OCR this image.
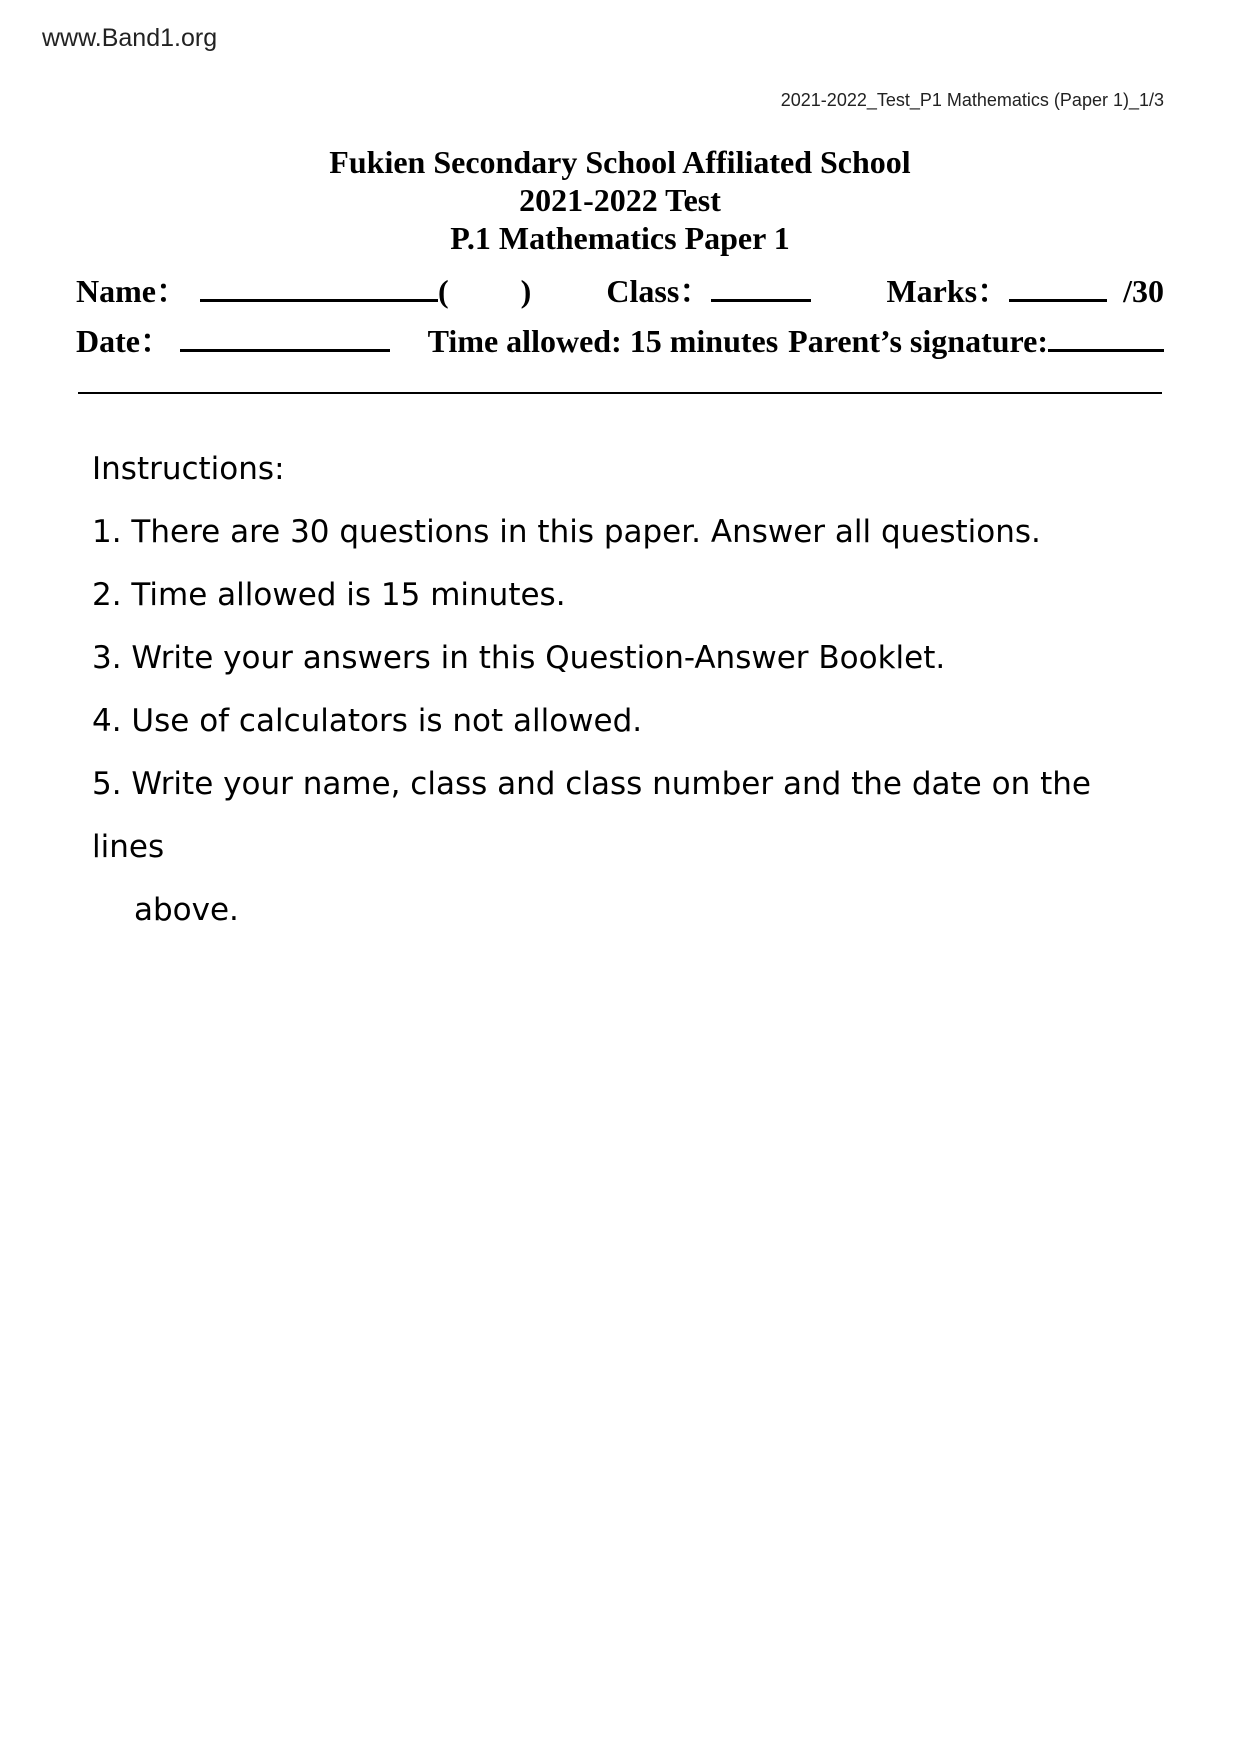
www.Band1.org
2021-2022_Test_P1 Mathematics (Paper 1)_1/3
Fukien Secondary School Affiliated School
2021-2022 Test
P.1 Mathematics Paper 1
Name：	( ) Class：	Marks：	/30
Date：	Time allowed: 15 minutes Parent’s signature:
Instructions:
1. There are 30 questions in this paper. Answer all questions.
2. Time allowed is 15 minutes.
3. Write your answers in this Question-Answer Booklet.
4. Use of calculators is not allowed.
5. Write your name, class and class number and the date on the lines
above.
